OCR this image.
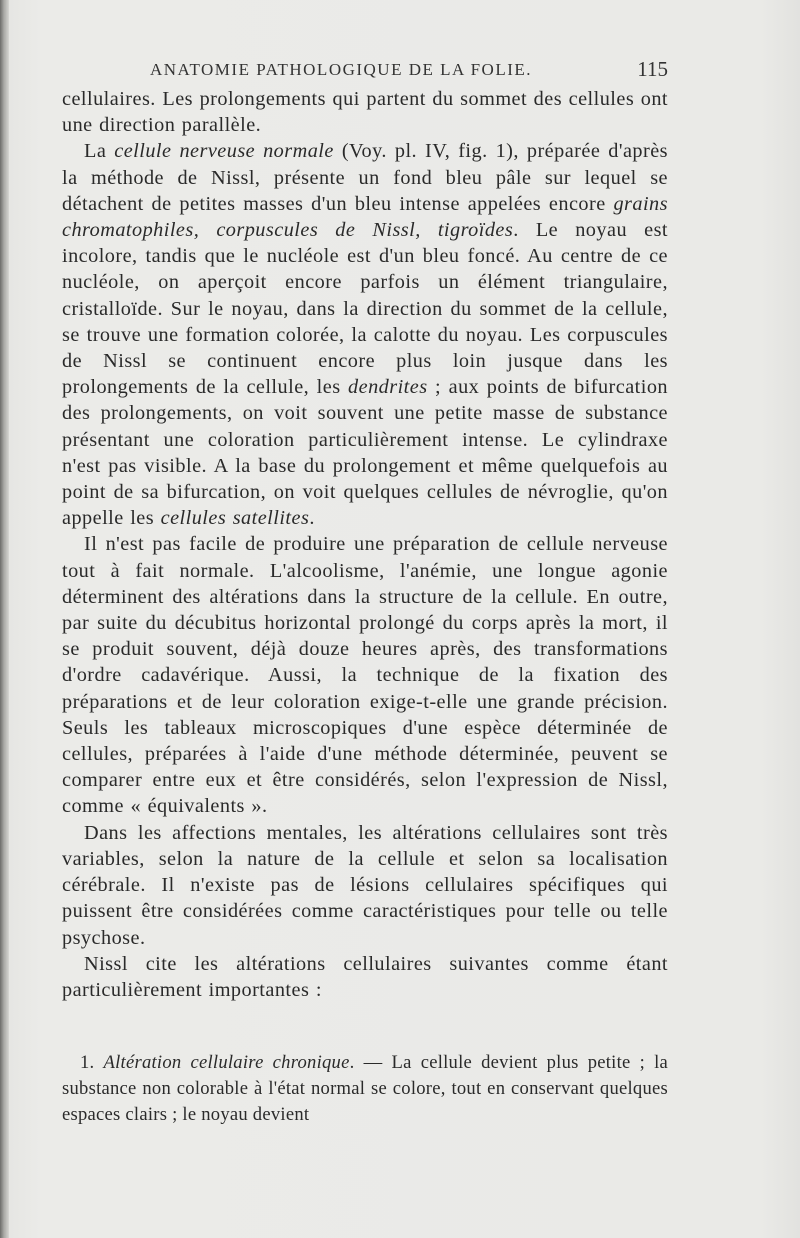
ANATOMIE PATHOLOGIQUE DE LA FOLIE.	115

cellulaires. Les prolongements qui partent du sommet des cellules ont une direction parallèle.

La cellule nerveuse normale (Voy. pl. IV, fig. 1), préparée d'après la méthode de Nissl, présente un fond bleu pâle sur lequel se détachent de petites masses d'un bleu intense appelées encore grains chromatophiles, corpuscules de Nissl, tigroïdes. Le noyau est incolore, tandis que le nucléole est d'un bleu foncé. Au centre de ce nucléole, on aperçoit encore parfois un élément triangulaire, cristalloïde. Sur le noyau, dans la direction du sommet de la cellule, se trouve une formation colorée, la calotte du noyau. Les corpuscules de Nissl se continuent encore plus loin jusque dans les prolongements de la cellule, les dendrites ; aux points de bifurcation des prolongements, on voit souvent une petite masse de substance présentant une coloration particulièrement intense. Le cylindraxe n'est pas visible. A la base du prolongement et même quelquefois au point de sa bifurcation, on voit quelques cellules de névroglie, qu'on appelle les cellules satellites.

Il n'est pas facile de produire une préparation de cellule nerveuse tout à fait normale. L'alcoolisme, l'anémie, une longue agonie déterminent des altérations dans la structure de la cellule. En outre, par suite du décubitus horizontal prolongé du corps après la mort, il se produit souvent, déjà douze heures après, des transformations d'ordre cadavérique. Aussi, la technique de la fixation des préparations et de leur coloration exige-t-elle une grande précision. Seuls les tableaux microscopiques d'une espèce déterminée de cellules, préparées à l'aide d'une méthode déterminée, peuvent se comparer entre eux et être considérés, selon l'expression de Nissl, comme « équivalents ».

Dans les affections mentales, les altérations cellulaires sont très variables, selon la nature de la cellule et selon sa localisation cérébrale. Il n'existe pas de lésions cellulaires spécifiques qui puissent être considérées comme caractéristiques pour telle ou telle psychose.

Nissl cite les altérations cellulaires suivantes comme étant particulièrement importantes :

1. Altération cellulaire chronique. — La cellule devient plus petite ; la substance non colorable à l'état normal se colore, tout en conservant quelques espaces clairs ; le noyau devient
